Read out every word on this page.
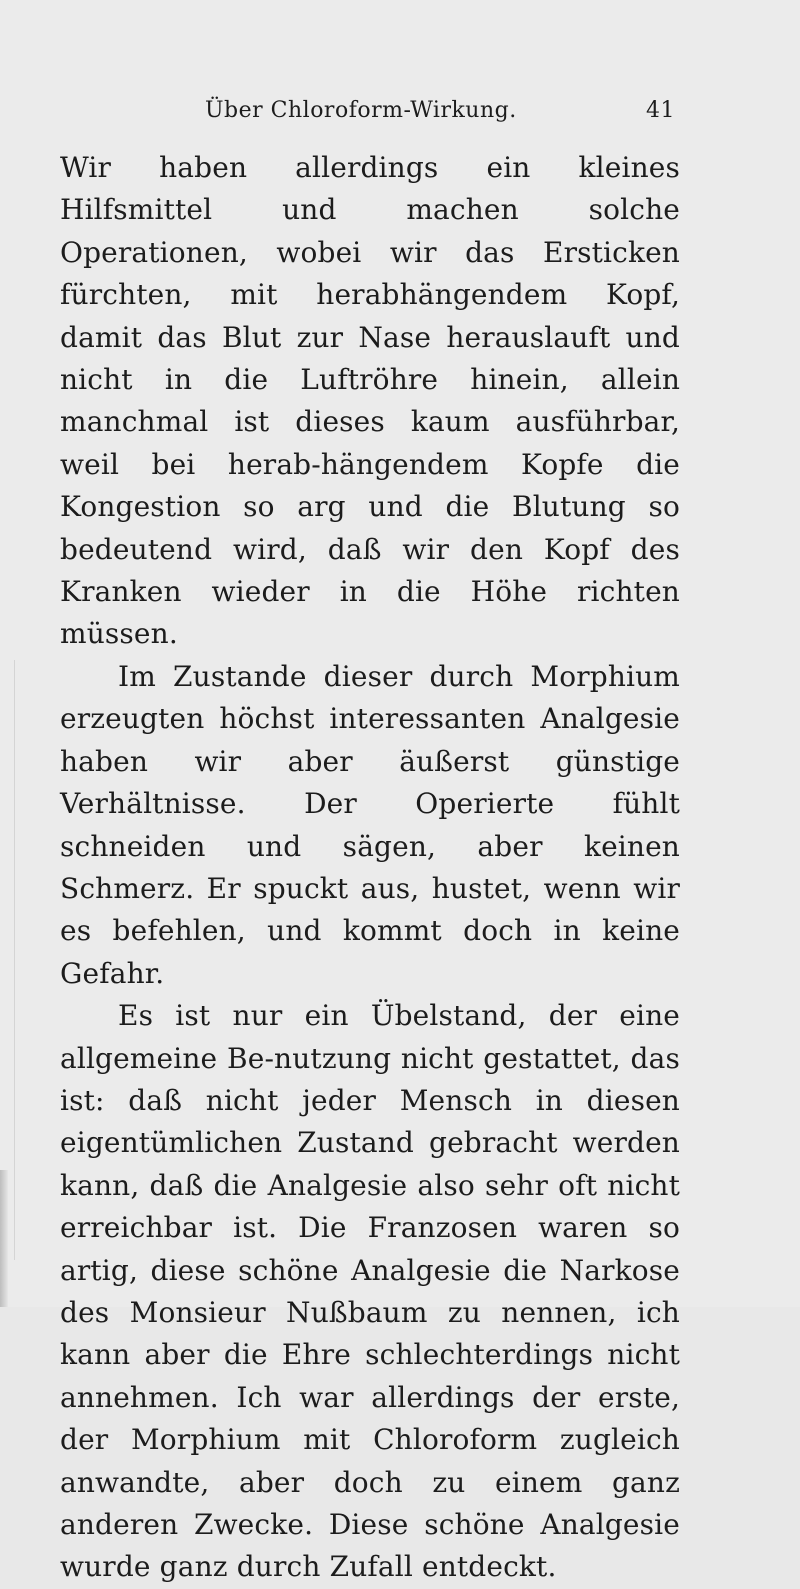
Über Chloroform-Wirkung.	41

Wir haben allerdings ein kleines Hilfsmittel und machen solche Operationen, wobei wir das Ersticken fürchten, mit herabhängendem Kopf, damit das Blut zur Nase herauslauft und nicht in die Luftröhre hinein, allein manchmal ist dieses kaum ausführbar, weil bei herab-hängendem Kopfe die Kongestion so arg und die Blutung so bedeutend wird, daß wir den Kopf des Kranken wieder in die Höhe richten müssen.

Im Zustande dieser durch Morphium erzeugten höchst interessanten Analgesie haben wir aber äußerst günstige Verhältnisse. Der Operierte fühlt schneiden und sägen, aber keinen Schmerz. Er spuckt aus, hustet, wenn wir es befehlen, und kommt doch in keine Gefahr.

Es ist nur ein Übelstand, der eine allgemeine Be-nutzung nicht gestattet, das ist: daß nicht jeder Mensch in diesen eigentümlichen Zustand gebracht werden kann, daß die Analgesie also sehr oft nicht erreichbar ist. Die Franzosen waren so artig, diese schöne Analgesie die Narkose des Monsieur Nußbaum zu nennen, ich kann aber die Ehre schlechterdings nicht annehmen. Ich war allerdings der erste, der Morphium mit Chloroform zugleich anwandte, aber doch zu einem ganz anderen Zwecke. Diese schöne Analgesie wurde ganz durch Zufall entdeckt.
